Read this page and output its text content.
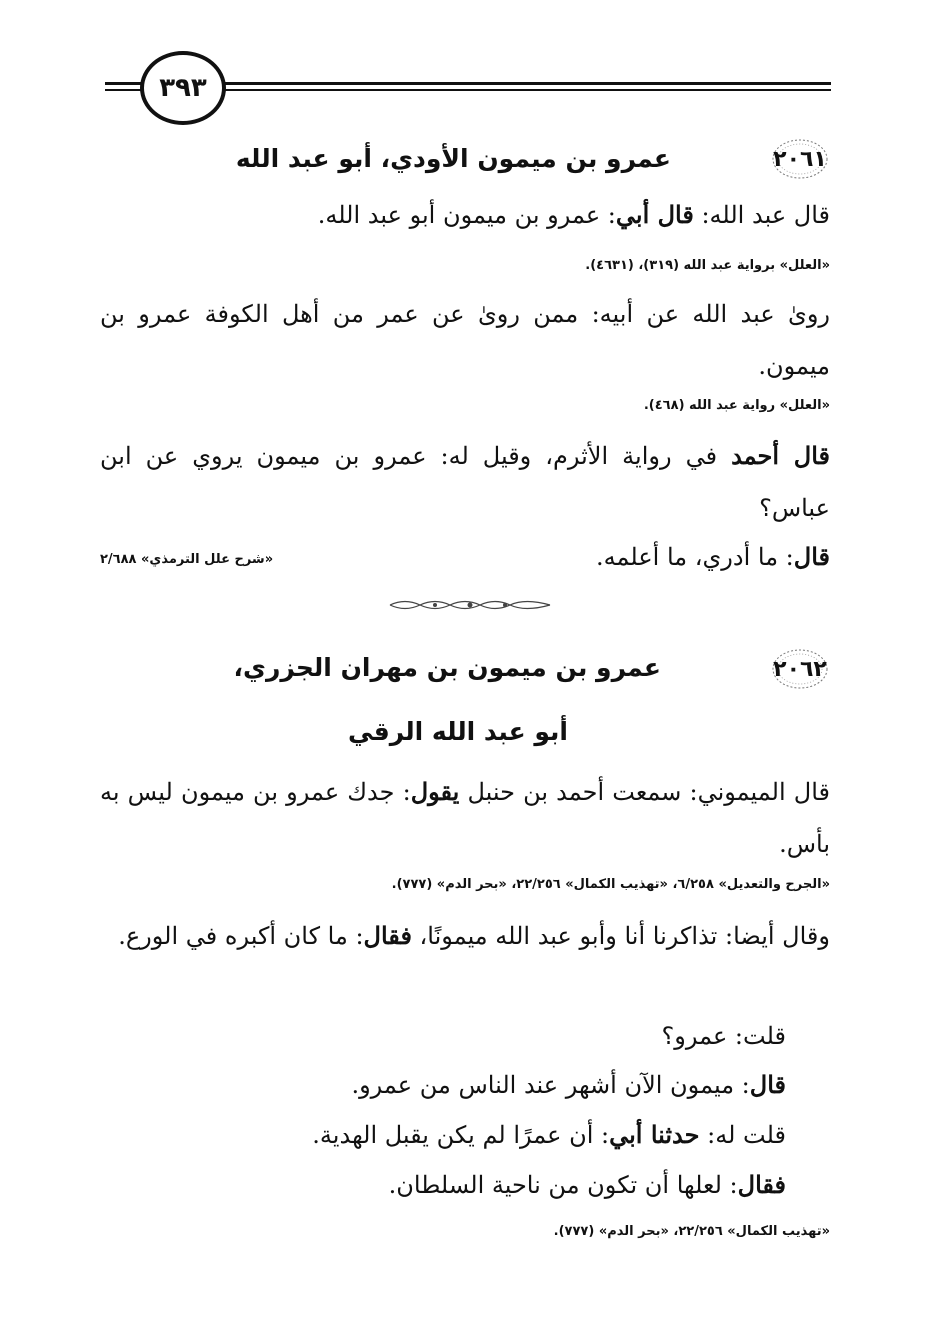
٣٩٣
٢٠٦١
عمرو بن ميمون الأودي، أبو عبد الله
قال عبد الله: قال أبي: عمرو بن ميمون أبو عبد الله.
«العلل» برواية عبد الله (٣١٩)، (٤٦٣١).
رویٰ عبد الله عن أبیه: ممن رویٰ عن عمر من أهل الكوفة عمرو بن ميمون.
«العلل» رواية عبد الله (٤٦٨).
قال أحمد في رواية الأثرم، وقيل له: عمرو بن ميمون يروي عن ابن عباس؟
قال: ما أدري، ما أعلمه.
«شرح علل الترمذي» ٢/٦٨٨
٢٠٦٢
عمرو بن ميمون بن مهران الجزري،
أبو عبد الله الرقي
قال الميموني: سمعت أحمد بن حنبل يقول: جدك عمرو بن ميمون ليس به بأس.
«الجرح والتعديل» ٦/٢٥٨، «تهذيب الكمال» ٢٢/٢٥٦، «بحر الدم» (٧٧٧).
وقال أيضا: تذاكرنا أنا وأبو عبد الله ميمونًا، فقال: ما كان أكبره في الورع.
قلت: عمرو؟
قال: ميمون الآن أشهر عند الناس من عمرو.
قلت له: حدثنا أبي: أن عمرًا لم يكن يقبل الهدية.
فقال: لعلها أن تكون من ناحية السلطان.
«تهذيب الكمال» ٢٢/٢٥٦، «بحر الدم» (٧٧٧).
